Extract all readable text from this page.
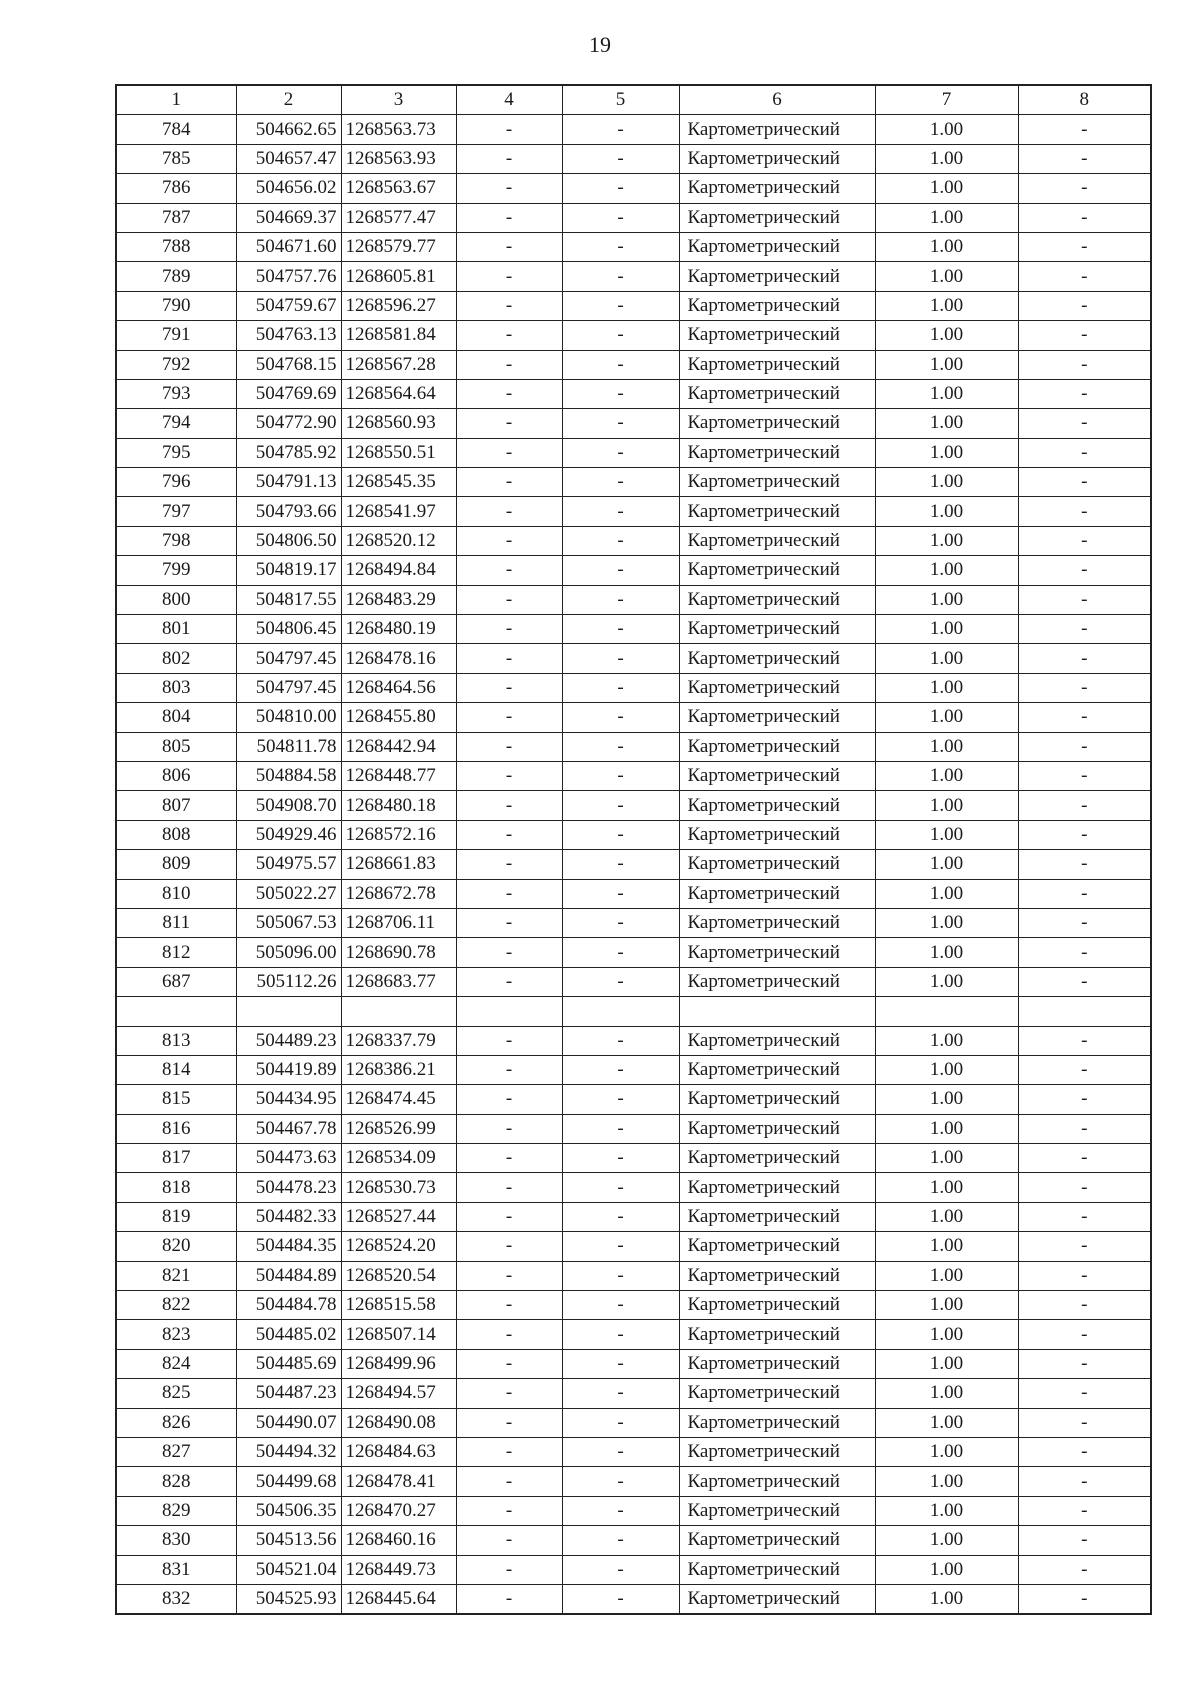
19
1	2	3	4	5	6	7	8
784	504662.65	1268563.73	-	-	Картометрический	1.00	-
785	504657.47	1268563.93	-	-	Картометрический	1.00	-
786	504656.02	1268563.67	-	-	Картометрический	1.00	-
787	504669.37	1268577.47	-	-	Картометрический	1.00	-
788	504671.60	1268579.77	-	-	Картометрический	1.00	-
789	504757.76	1268605.81	-	-	Картометрический	1.00	-
790	504759.67	1268596.27	-	-	Картометрический	1.00	-
791	504763.13	1268581.84	-	-	Картометрический	1.00	-
792	504768.15	1268567.28	-	-	Картометрический	1.00	-
793	504769.69	1268564.64	-	-	Картометрический	1.00	-
794	504772.90	1268560.93	-	-	Картометрический	1.00	-
795	504785.92	1268550.51	-	-	Картометрический	1.00	-
796	504791.13	1268545.35	-	-	Картометрический	1.00	-
797	504793.66	1268541.97	-	-	Картометрический	1.00	-
798	504806.50	1268520.12	-	-	Картометрический	1.00	-
799	504819.17	1268494.84	-	-	Картометрический	1.00	-
800	504817.55	1268483.29	-	-	Картометрический	1.00	-
801	504806.45	1268480.19	-	-	Картометрический	1.00	-
802	504797.45	1268478.16	-	-	Картометрический	1.00	-
803	504797.45	1268464.56	-	-	Картометрический	1.00	-
804	504810.00	1268455.80	-	-	Картометрический	1.00	-
805	504811.78	1268442.94	-	-	Картометрический	1.00	-
806	504884.58	1268448.77	-	-	Картометрический	1.00	-
807	504908.70	1268480.18	-	-	Картометрический	1.00	-
808	504929.46	1268572.16	-	-	Картометрический	1.00	-
809	504975.57	1268661.83	-	-	Картометрический	1.00	-
810	505022.27	1268672.78	-	-	Картометрический	1.00	-
811	505067.53	1268706.11	-	-	Картометрический	1.00	-
812	505096.00	1268690.78	-	-	Картометрический	1.00	-
687	505112.26	1268683.77	-	-	Картометрический	1.00	-

813	504489.23	1268337.79	-	-	Картометрический	1.00	-
814	504419.89	1268386.21	-	-	Картометрический	1.00	-
815	504434.95	1268474.45	-	-	Картометрический	1.00	-
816	504467.78	1268526.99	-	-	Картометрический	1.00	-
817	504473.63	1268534.09	-	-	Картометрический	1.00	-
818	504478.23	1268530.73	-	-	Картометрический	1.00	-
819	504482.33	1268527.44	-	-	Картометрический	1.00	-
820	504484.35	1268524.20	-	-	Картометрический	1.00	-
821	504484.89	1268520.54	-	-	Картометрический	1.00	-
822	504484.78	1268515.58	-	-	Картометрический	1.00	-
823	504485.02	1268507.14	-	-	Картометрический	1.00	-
824	504485.69	1268499.96	-	-	Картометрический	1.00	-
825	504487.23	1268494.57	-	-	Картометрический	1.00	-
826	504490.07	1268490.08	-	-	Картометрический	1.00	-
827	504494.32	1268484.63	-	-	Картометрический	1.00	-
828	504499.68	1268478.41	-	-	Картометрический	1.00	-
829	504506.35	1268470.27	-	-	Картометрический	1.00	-
830	504513.56	1268460.16	-	-	Картометрический	1.00	-
831	504521.04	1268449.73	-	-	Картометрический	1.00	-
832	504525.93	1268445.64	-	-	Картометрический	1.00	-
